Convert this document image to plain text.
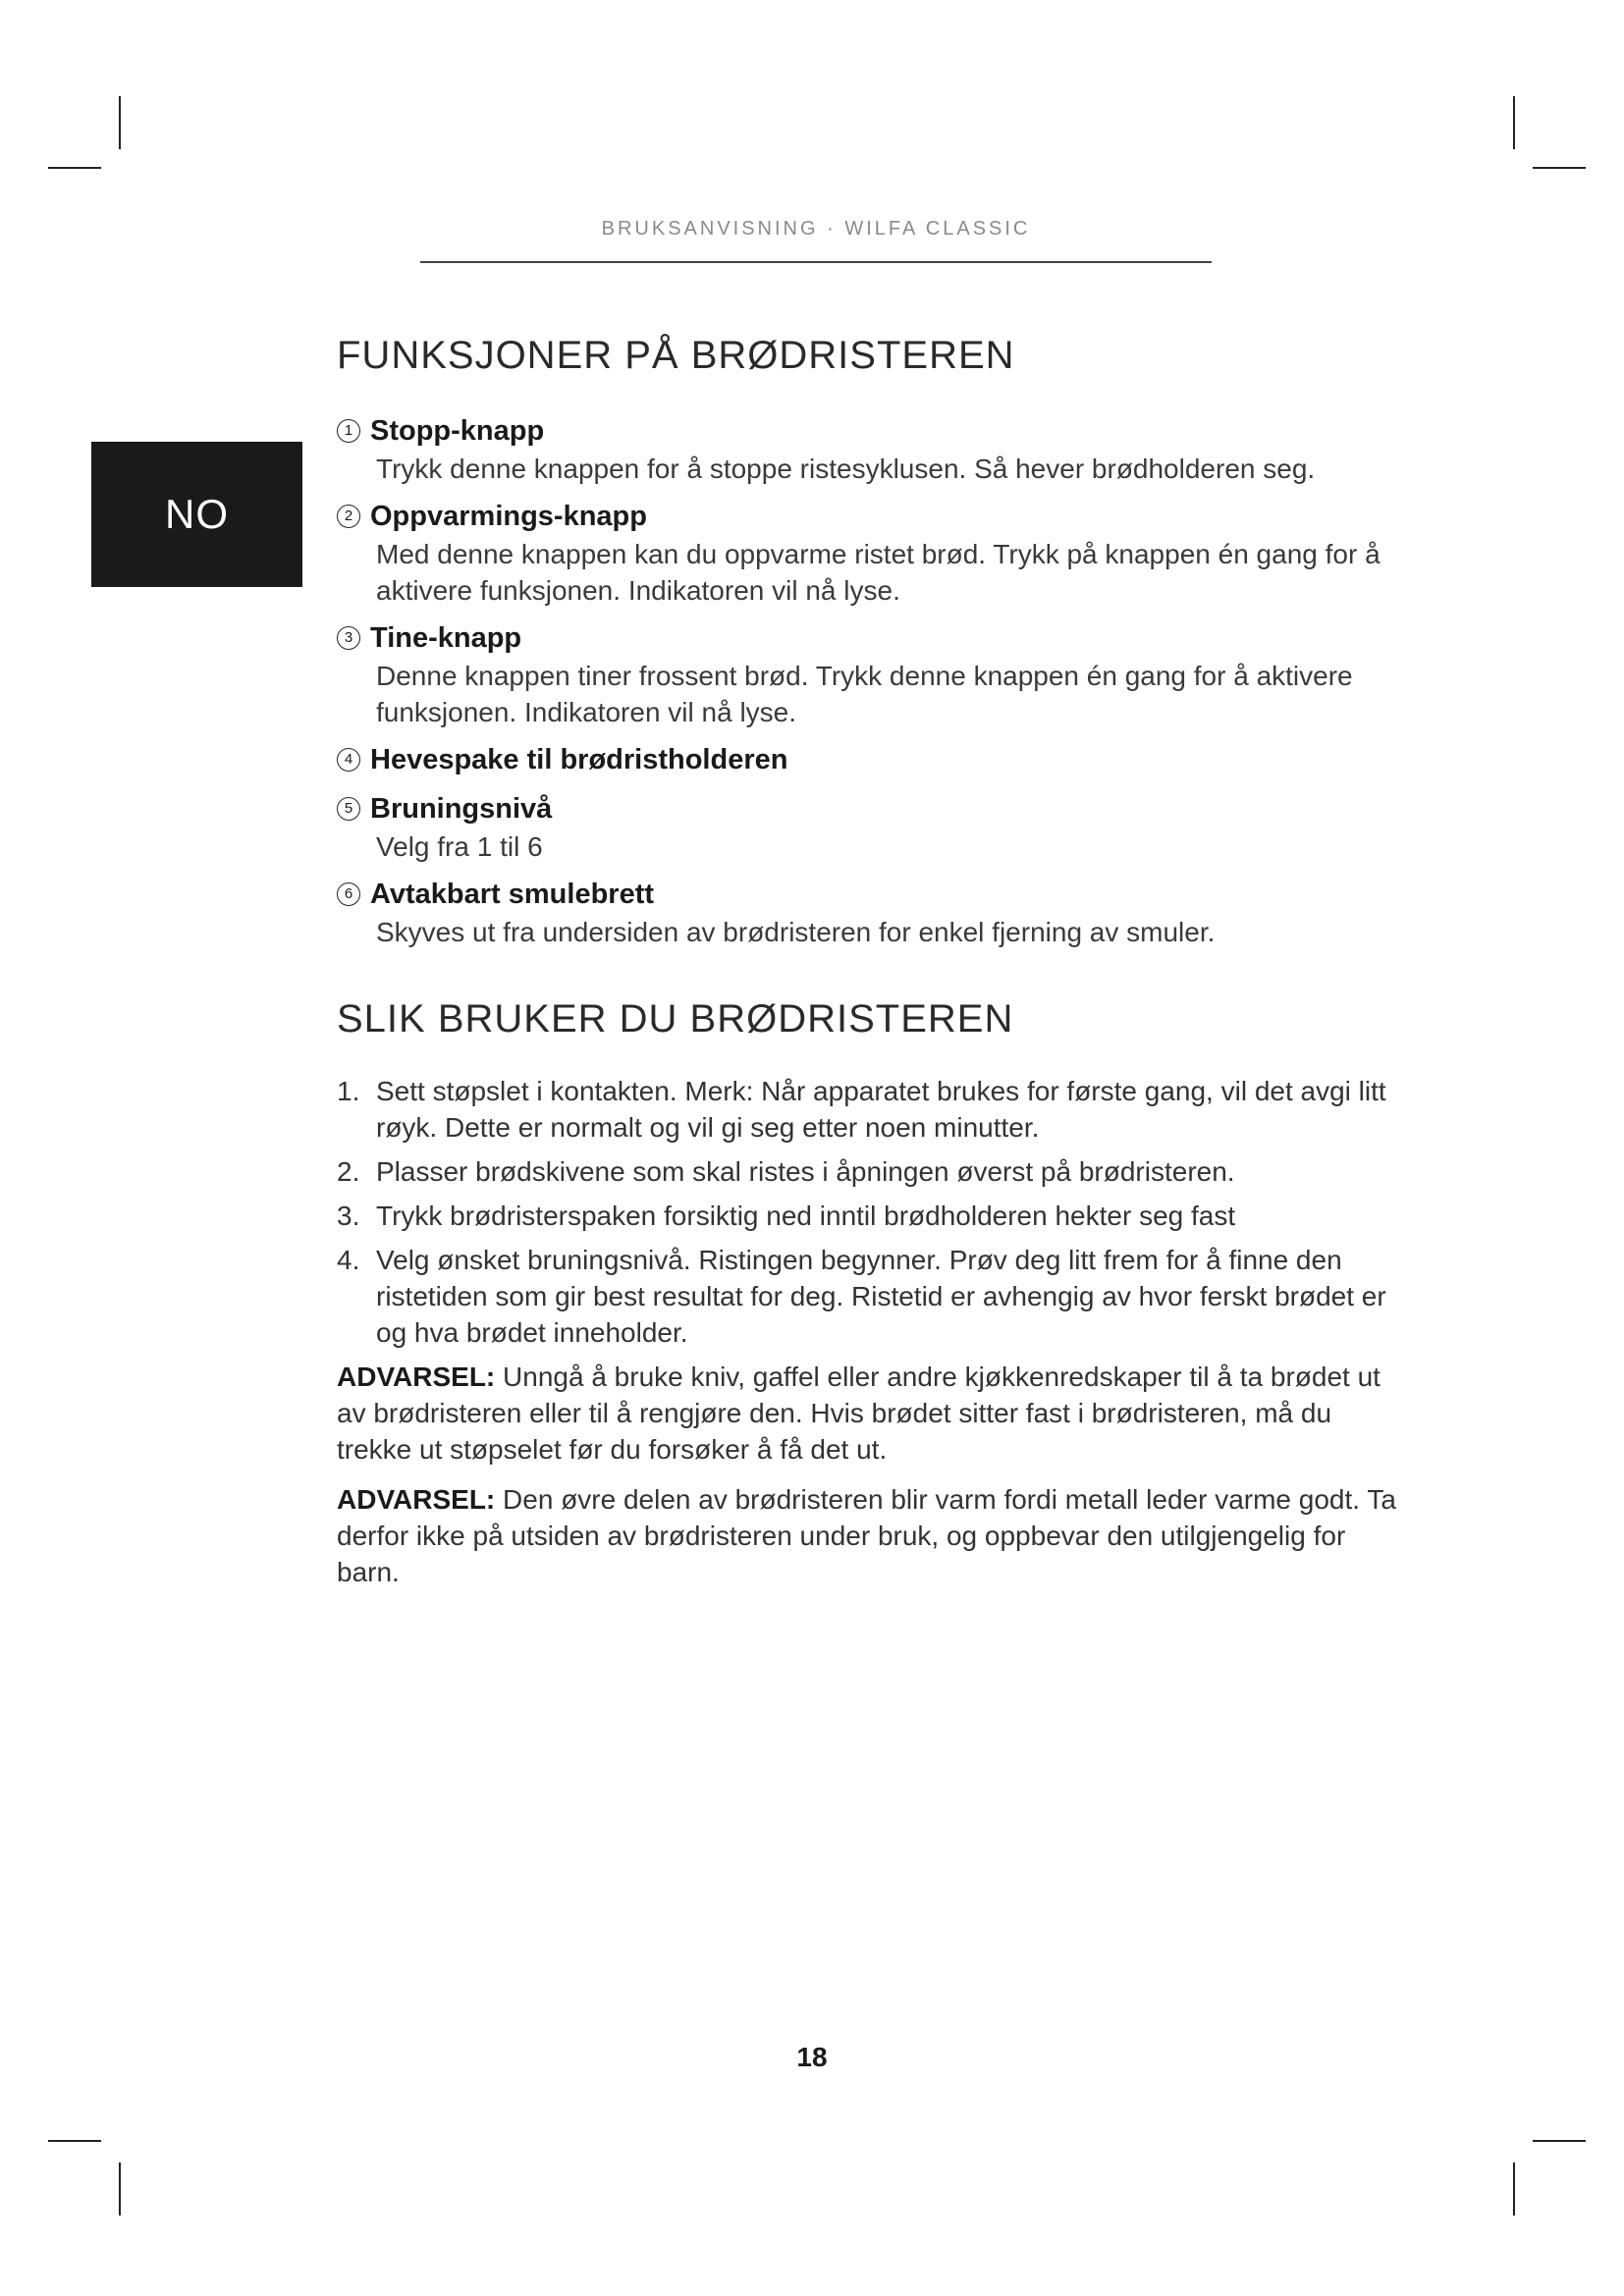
BRUKSANVISNING · WILFA CLASSIC
NO
FUNKSJONER PÅ BRØDRISTEREN
1 Stopp-knapp
Trykk denne knappen for å stoppe ristesyklusen. Så hever brødholderen seg.
2 Oppvarmings-knapp
Med denne knappen kan du oppvarme ristet brød. Trykk på knappen én gang for å aktivere funksjonen. Indikatoren vil nå lyse.
3 Tine-knapp
Denne knappen tiner frossent brød. Trykk denne knappen én gang for å aktivere funksjonen. Indikatoren vil nå lyse.
4 Hevespake til brødristholderen
5 Bruningsnivå
Velg fra 1 til 6
6 Avtakbart smulebrett
Skyves ut fra undersiden av brødristeren for enkel fjerning av smuler.
SLIK BRUKER DU BRØDRISTEREN
1. Sett støpslet i kontakten. Merk: Når apparatet brukes for første gang, vil det avgi litt røyk. Dette er normalt og vil gi seg etter noen minutter.
2. Plasser brødskivene som skal ristes i åpningen øverst på brødristeren.
3. Trykk brødristerspaken forsiktig ned inntil brødholderen hekter seg fast
4. Velg ønsket bruningsnivå. Ristingen begynner. Prøv deg litt frem for å finne den ristetiden som gir best resultat for deg. Ristetid er avhengig av hvor ferskt brødet er og hva brødet inneholder.

ADVARSEL: Unngå å bruke kniv, gaffel eller andre kjøkkenredskaper til å ta brødet ut av brødristeren eller til å rengjøre den. Hvis brødet sitter fast i brødristeren, må du trekke ut støpselet før du forsøker å få det ut.

ADVARSEL: Den øvre delen av brødristeren blir varm fordi metall leder varme godt. Ta derfor ikke på utsiden av brødristeren under bruk, og oppbevar den utilgjengelig for barn.

18
